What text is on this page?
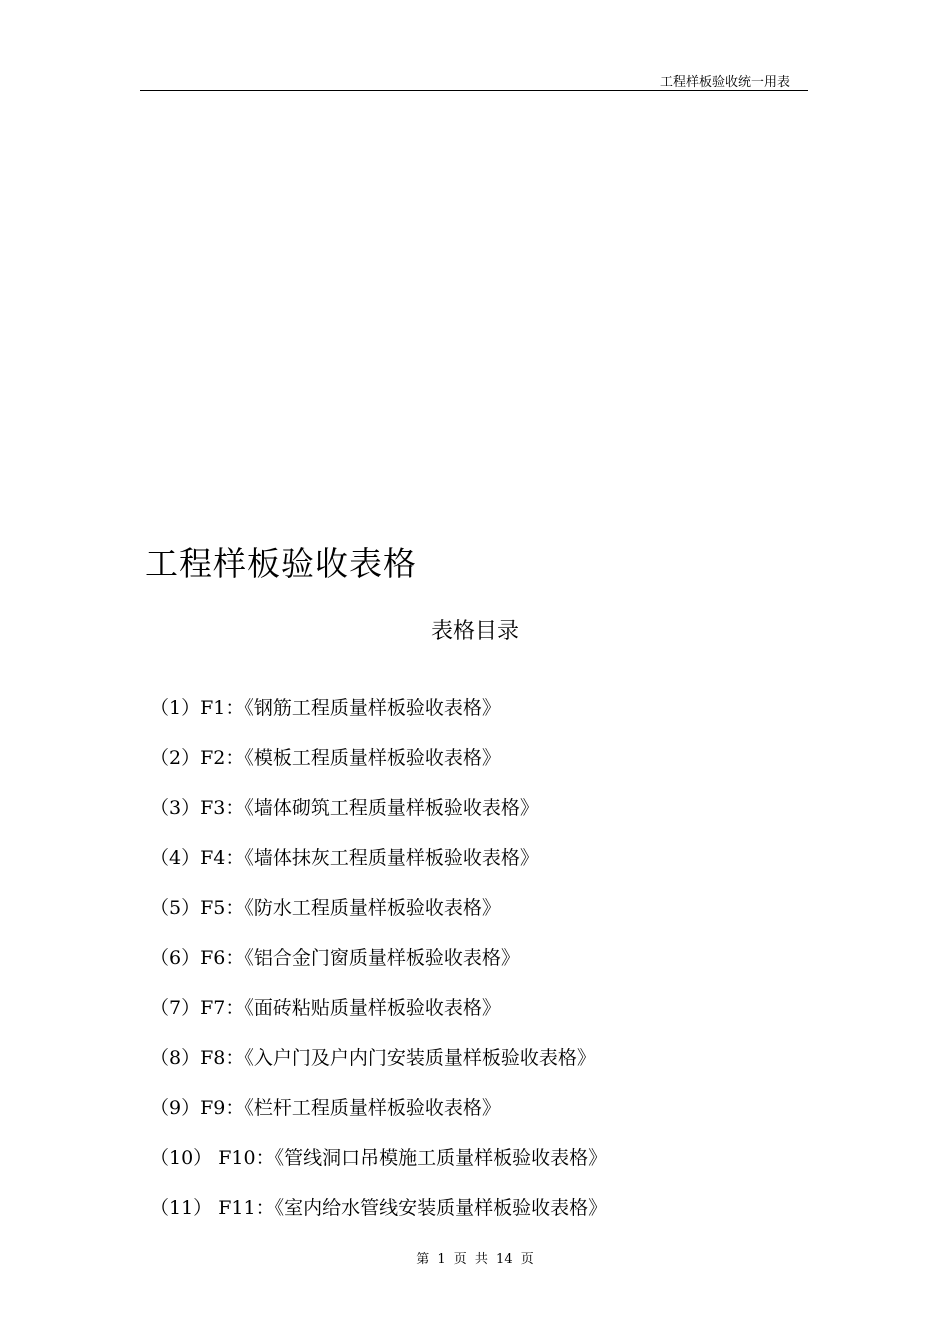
工程样板验收统一用表
工程样板验收表格
表格目录
（1）F1：《钢筋工程质量样板验收表格》
（2）F2：《模板工程质量样板验收表格》
（3）F3：《墙体砌筑工程质量样板验收表格》
（4）F4：《墙体抹灰工程质量样板验收表格》
（5）F5：《防水工程质量样板验收表格》
（6）F6：《铝合金门窗质量样板验收表格》
（7）F7：《面砖粘贴质量样板验收表格》
（8）F8：《入户门及户内门安装质量样板验收表格》
（9）F9：《栏杆工程质量样板验收表格》
（10） F10：《管线洞口吊模施工质量样板验收表格》
（11） F11：《室内给水管线安装质量样板验收表格》
第 1 页 共 14 页
